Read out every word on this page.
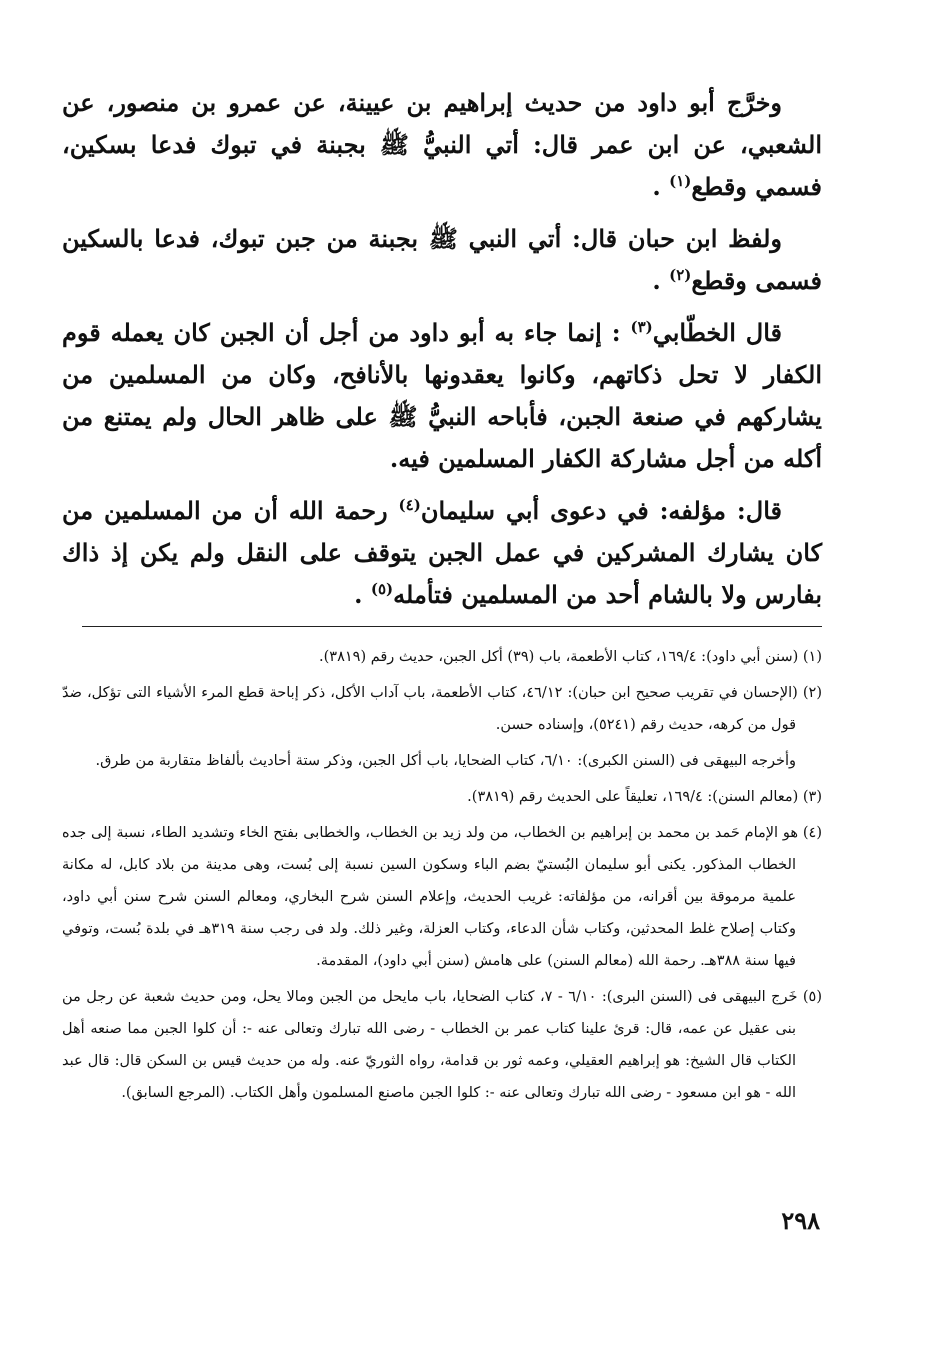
وخرَّج أبو داود من حديث إبراهيم بن عيينة، عن عمرو بن منصور، عن الشعبي، عن ابن عمر قال: أتي النبيُّ ﷺ بجبنة في تبوك فدعا بسكين، فسمي وقطع$^{(١)}$ .

ولفظ ابن حبان قال: أتي النبي ﷺ بجبنة من جبن تبوك، فدعا بالسكين فسمى وقطع$^{(٢)}$ .

قال الخطّابي$^{(٣)}$ : إنما جاء به أبو داود من أجل أن الجبن كان يعمله قوم الكفار لا تحل ذكاتهم، وكانوا يعقدونها بالأنافح، وكان من المسلمين من يشاركهم في صنعة الجبن، فأباحه النبيُّ ﷺ على ظاهر الحال ولم يمتنع من أكله من أجل مشاركة الكفار المسلمين فيه.

قال: مؤلفه: في دعوى أبي سليمان$^{(٤)}$ رحمة الله أن من المسلمين من كان يشارك المشركين في عمل الجبن يتوقف على النقل ولم يكن إذ ذاك بفارس ولا بالشام أحد من المسلمين فتأمله$^{(٥)}$ .

(١) (سنن أبي داود): ١٦٩/٤، كتاب الأطعمة، باب (٣٩) أكل الجبن، حديث رقم (٣٨١٩).

(٢) (الإحسان في تقريب صحيح ابن حبان): ٤٦/١٢، كتاب الأطعمة، باب آداب الأكل، ذكر إباحة قطع المرء الأشياء التى تؤكل، ضدّ قول من كرهه، حديث رقم (٥٢٤١)، وإسناده حسن.

وأخرجه البيهقى فى (السنن الكبرى): ٦/١٠، كتاب الضحايا، باب أكل الجبن، وذكر ستة أحاديث بألفاظ متقاربة من طرق.

(٣) (معالم السنن): ١٦٩/٤، تعليقاً على الحديث رقم (٣٨١٩).

(٤) هو الإمام حَمد بن محمد بن إبراهيم بن الخطاب، من ولد زيد بن الخطاب، والخطابى بفتح الخاء وتشديد الطاء، نسبة إلى جده الخطاب المذكور. يكنى أبو سليمان البُستيّ بضم الباء وسكون السين نسبة إلى بُست، وهى مدينة من بلاد كابل، له مكانة علمية مرموقة بين أقرانه، من مؤلفاته: غريب الحديث، وإعلام السنن شرح البخاري، ومعالم السنن شرح سنن أبي داود، وكتاب إصلاح غلط المحدثين، وكتاب شأن الدعاء، وكتاب العزلة، وغير ذلك. ولد فى رجب سنة ٣١٩هـ في بلدة بُست، وتوفي فيها سنة ٣٨٨هـ. رحمة الله (معالم السنن) على هامش (سنن أبي داود)، المقدمة.

(٥) خَرج البيهقى فى (السنن البرى): ٦/١٠ - ٧، كتاب الضحايا، باب مايحل من الجبن ومالا يحل، ومن حديث شعبة عن رجل من بنى عقيل عن عمه، قال: قرئ علينا كتاب عمر بن الخطاب - رضى الله تبارك وتعالى عنه -: أن كلوا الجبن مما صنعه أهل الكتاب قال الشيخ: هو إبراهيم العقيلي، وعمه ثور بن قدامة، رواه الثوريّ عنه. وله من حديث قيس بن السكن قال: قال عبد الله - هو ابن مسعود - رضى الله تبارك وتعالى عنه -: كلوا الجبن ماصنع المسلمون وأهل الكتاب. (المرجع السابق).

٢٩٨
